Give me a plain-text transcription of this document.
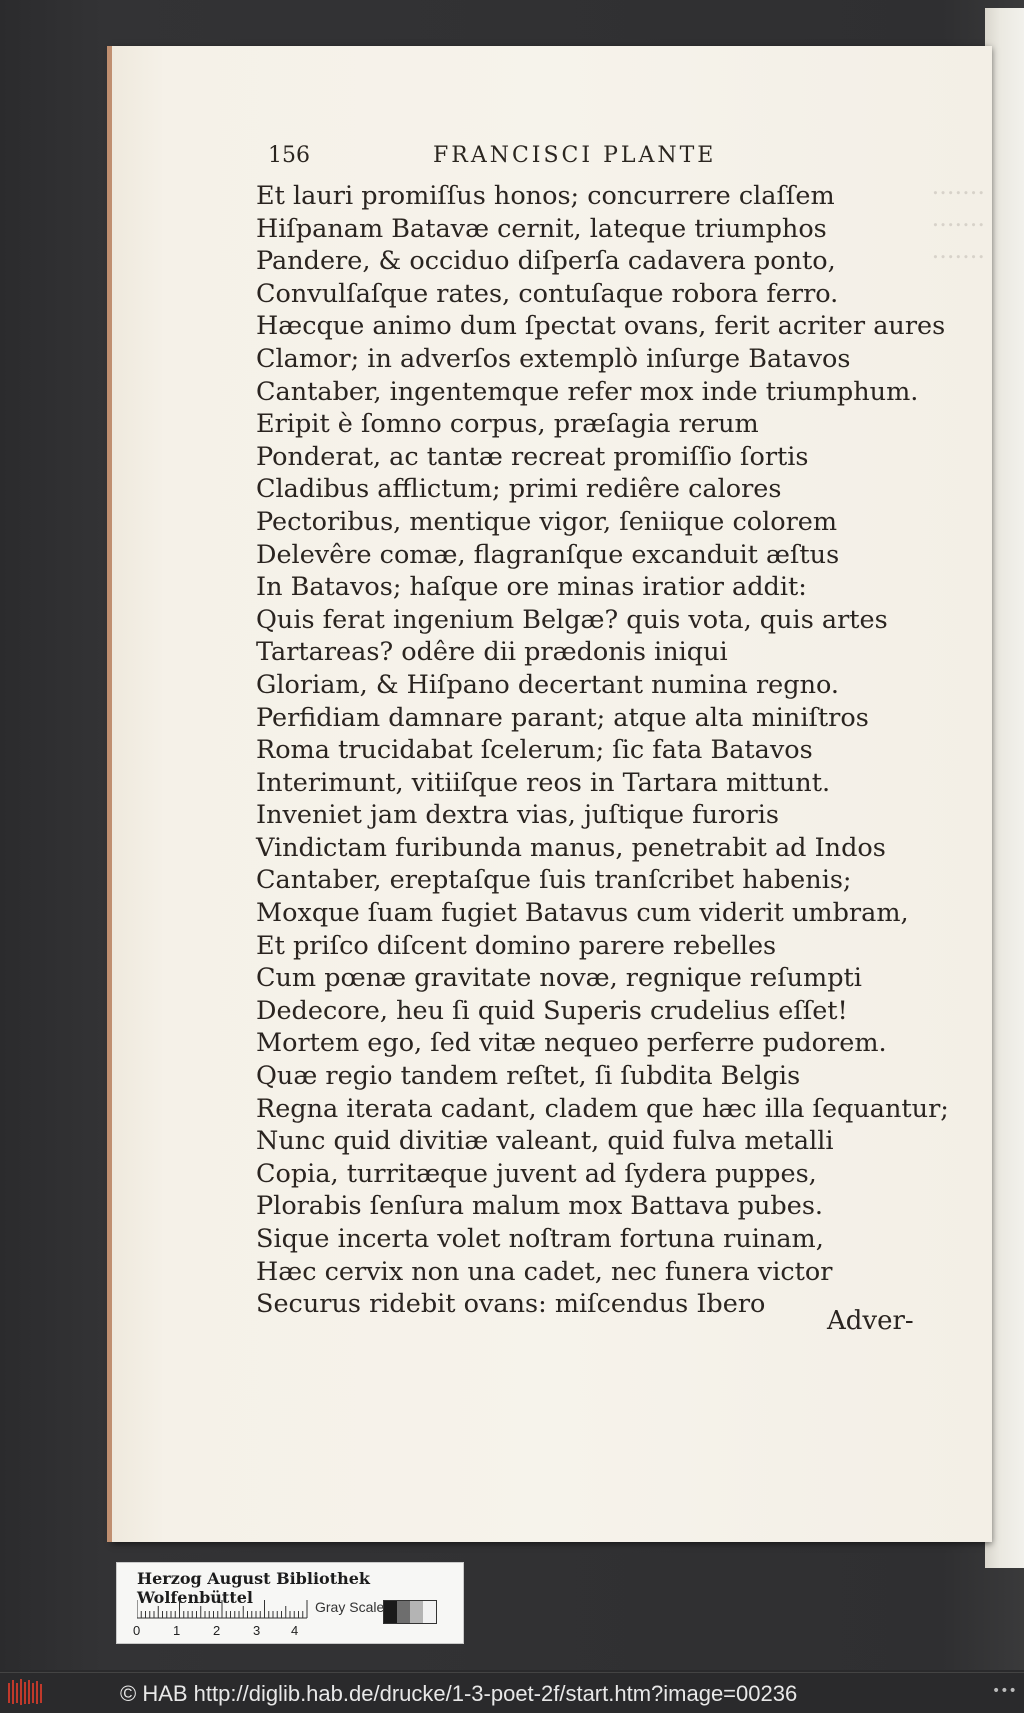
.......
.......
.......
156	FRANCISCI PLANTE
Et lauri promiſſus honos; concurrere claſſem
Hiſpanam Batavæ cernit, lateque triumphos
Pandere, & occiduo diſperſa cadavera ponto,
Convulſaſque rates, contuſaque robora ferro.
Hæcque animo dum ſpectat ovans, ferit acriter aures
Clamor; in adverſos extemplò inſurge Batavos
Cantaber, ingentemque refer mox inde triumphum.
Eripit è ſomno corpus, præſagia rerum
Ponderat, ac tantæ recreat promiſſio ſortis
Cladibus afflictum; primi rediêre calores
Pectoribus, mentique vigor, ſeniique colorem
Delevêre comæ, flagranſque excanduit æſtus
In Batavos; haſque ore minas iratior addit:
Quis ferat ingenium Belgæ? quis vota, quis artes
Tartareas? odêre dii prædonis iniqui
Gloriam, & Hiſpano decertant numina regno.
Perfidiam damnare parant; atque alta miniſtros
Roma trucidabat ſcelerum; ſic fata Batavos
Interimunt, vitiiſque reos in Tartara mittunt.
Inveniet jam dextra vias, juſtique furoris
Vindictam furibunda manus, penetrabit ad Indos
Cantaber, ereptaſque ſuis tranſcribet habenis;
Moxque ſuam fugiet Batavus cum viderit umbram,
Et priſco diſcent domino parere rebelles
Cum pœnæ gravitate novæ, regnique reſumpti
Dedecore, heu ſi quid Superis crudelius eſſet!
Mortem ego, ſed vitæ nequeo perferre pudorem.
Quæ regio tandem reſtet, ſi ſubdita Belgis
Regna iterata cadant, cladem que hæc illa ſequantur;
Nunc quid divitiæ valeant, quid fulva metalli
Copia, turritæque juvent ad ſydera puppes,
Plorabis ſenſura malum mox Battava pubes.
Sique incerta volet noſtram fortuna ruinam,
Hæc cervix non una cadet, nec funera victor
Securus ridebit ovans: miſcendus Ibero
Adver-
Herzog August Bibliothek Wolfenbüttel
0	1	2	3 4
Gray Scale
© HAB http://diglib.hab.de/drucke/1-3-poet-2f/start.htm?image=00236	•••
